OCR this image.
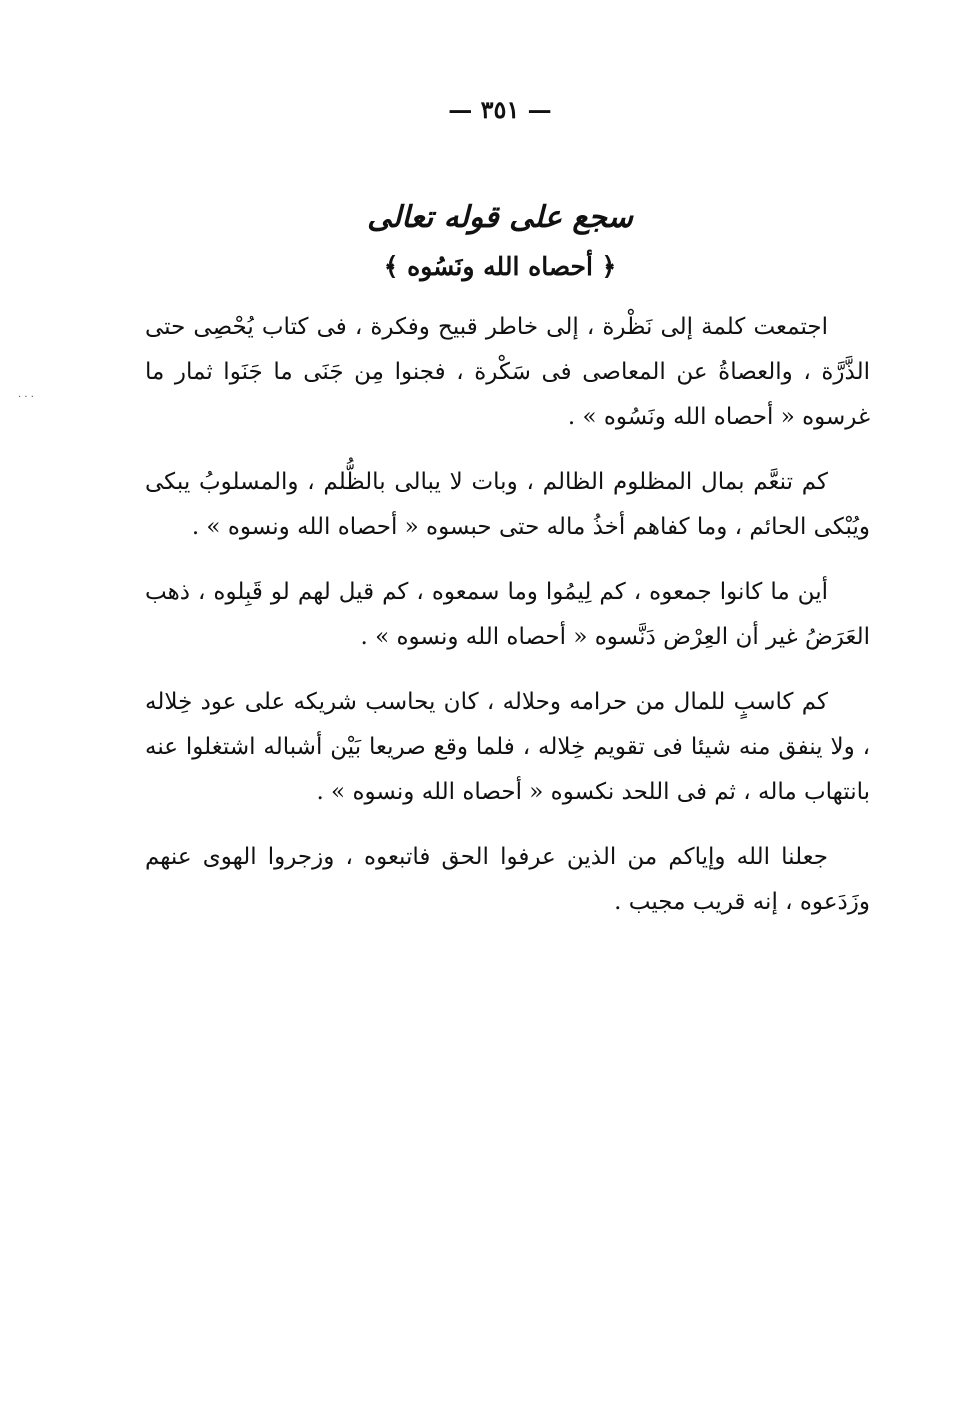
— ٣٥١ —
· · ·
سجع على قوله تعالى
﴿ أحصاه الله ونَسُوه ﴾

اجتمعت كلمة إلى نَظْرة ، إلى خاطر قبيح وفكرة ، فى كتاب يُحْصِى حتى الذَّرَّة ، والعصاةُ عن المعاصى فى سَكْرة ، فجنوا مِن جَنَى ما جَنَوا ثمار ما غرسوه « أحصاه الله ونَسُوه » .

كم تنعَّم بمال المظلوم الظالم ، وبات لا يبالى بالظُّلم ، والمسلوبُ يبكى ويُبْكى الحائم ، وما كفاهم أخذُ ماله حتى حبسوه « أحصاه الله ونسوه » .

أين ما كانوا جمعوه ، كم لِيمُوا وما سمعوه ، كم قيل لهم لو قَبِلوه ، ذهب العَرَضُ غير أن العِرْض دَنَّسوه « أحصاه الله ونسوه » .

كم كاسبٍ للمال من حرامه وحلاله ، كان يحاسب شريكه على عود خِلاله ، ولا ينفق منه شيئا فى تقويم خِلاله ، فلما وقع صريعا بَيْن أشباله اشتغلوا عنه بانتهاب ماله ، ثم فى اللحد نكسوه « أحصاه الله ونسوه » .

جعلنا الله وإياكم من الذين عرفوا الحق فاتبعوه ، وزجروا الهوى عنهم وزَدَعوه ، إنه قريب مجيب .
